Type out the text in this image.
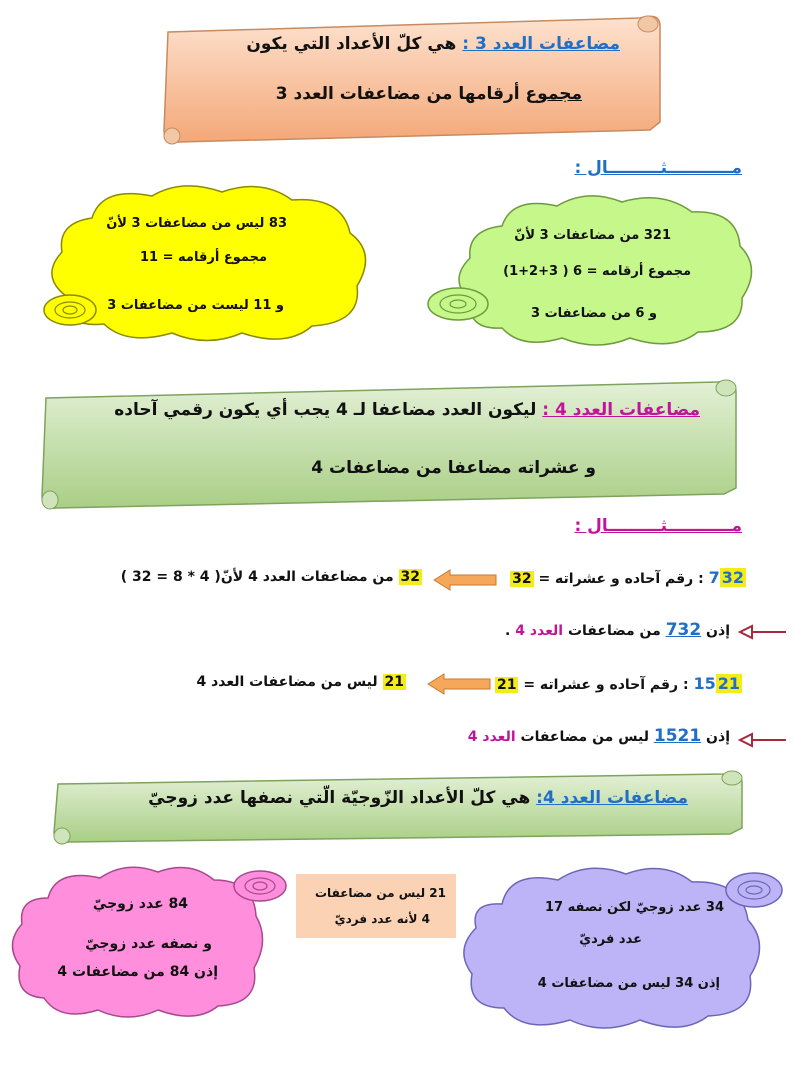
مضاعفات العدد 3 : هي كلّ الأعداد التي يكون
مجموع أرقامها من مضاعفات العدد 3
مـــــــــــثـــــــــال :
83 ليس من مضاعفات 3 لأنّ
مجموع أرقامه = 11
و 11 ليست من مضاعفات 3
321 من مضاعفات 3 لأنّ
مجموع أرقامه = 6 ( 3+2+1)
و 6 من مضاعفات 3
مضاعفات العدد 4 : ليكون العدد مضاعفا لـ 4 يجب أي يكون رقمي آحاده
و عشراته مضاعفا من مضاعفات 4
مـــــــــــثـــــــــال :
7 32 : رقم آحاده و عشراته = 32
32 من مضاعفات العدد 4 لأنّ( 4 * 8 = 32 )
إذن 732 من مضاعفات العدد 4 .
15 21 : رقم آحاده و عشراته = 21
21 ليس من مضاعفات العدد 4
إذن 1521 ليس من مضاعفات العدد 4
مضاعفات العدد 4: هي كلّ الأعداد الزّوجيّة الّتي نصفها عدد زوجيّ
84 عدد زوجيّ
و نصفه عدد زوجيّ
إذن 84 من مضاعفات 4
21 ليس من مضاعفات
4 لأنه عدد فرديّ
34 عدد زوجيّ لكن نصفه 17
عدد فرديّ
إذن 34 ليس من مضاعفات 4
